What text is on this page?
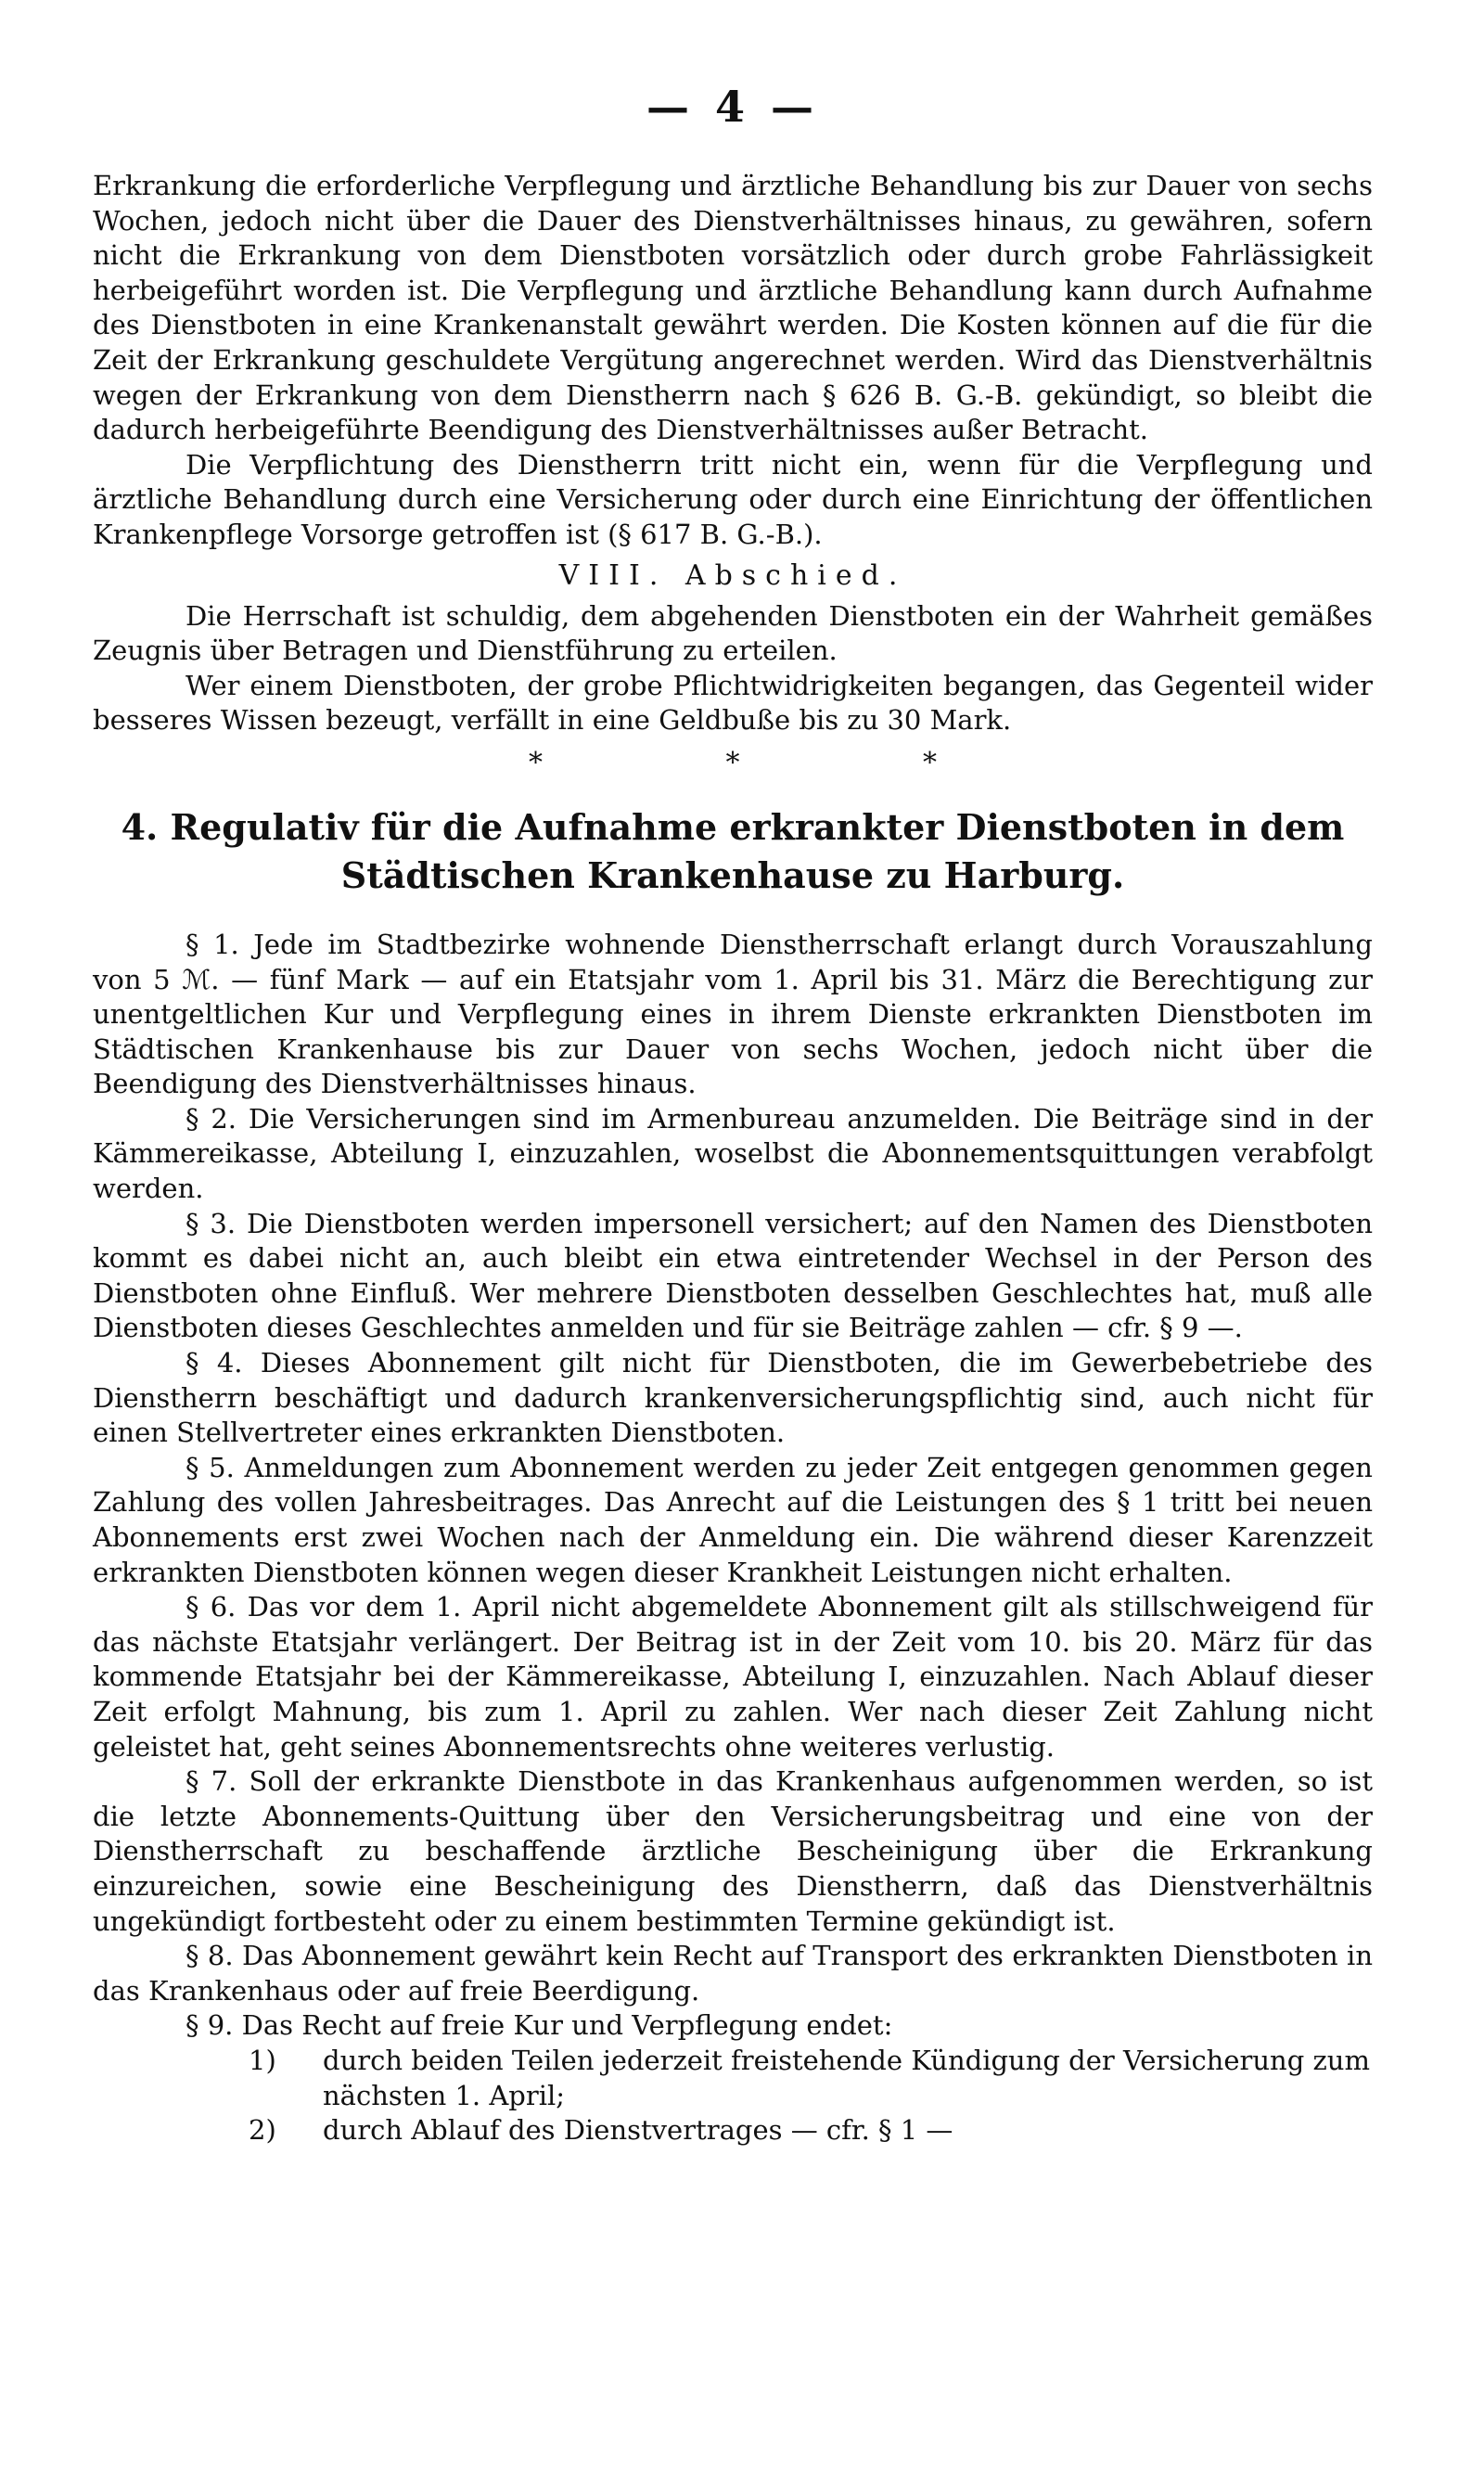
— 4 —

Erkrankung die erforderliche Verpflegung und ärztliche Behandlung bis zur Dauer von sechs Wochen, jedoch nicht über die Dauer des Dienstverhältnisses hinaus, zu gewähren, sofern nicht die Erkrankung von dem Dienstboten vorsätzlich oder durch grobe Fahrlässigkeit herbeigeführt worden ist. Die Verpflegung und ärztliche Behandlung kann durch Aufnahme des Dienstboten in eine Krankenanstalt gewährt werden. Die Kosten können auf die für die Zeit der Erkrankung geschuldete Vergütung angerechnet werden. Wird das Dienstverhältnis wegen der Erkrankung von dem Dienstherrn nach § 626 B. G.-B. gekündigt, so bleibt die dadurch herbeigeführte Beendigung des Dienstverhältnisses außer Betracht.

Die Verpflichtung des Dienstherrn tritt nicht ein, wenn für die Verpflegung und ärztliche Behandlung durch eine Versicherung oder durch eine Einrichtung der öffentlichen Krankenpflege Vorsorge getroffen ist (§ 617 B. G.-B.).

VIII. Abschied.

Die Herrschaft ist schuldig, dem abgehenden Dienstboten ein der Wahrheit gemäßes Zeugnis über Betragen und Dienstführung zu erteilen.

Wer einem Dienstboten, der grobe Pflichtwidrigkeiten begangen, das Gegenteil wider besseres Wissen bezeugt, verfällt in eine Geldbuße bis zu 30 Mark.

*	*	*
4. Regulativ für die Aufnahme erkrankter Dienstboten in dem
Städtischen Krankenhause zu Harburg.

§ 1. Jede im Stadtbezirke wohnende Dienstherrschaft erlangt durch Vorauszahlung von 5 ℳ. — fünf Mark — auf ein Etatsjahr vom 1. April bis 31. März die Berechtigung zur unentgeltlichen Kur und Verpflegung eines in ihrem Dienste erkrankten Dienstboten im Städtischen Krankenhause bis zur Dauer von sechs Wochen, jedoch nicht über die Beendigung des Dienstverhältnisses hinaus.

§ 2. Die Versicherungen sind im Armenbureau anzumelden. Die Beiträge sind in der Kämmereikasse, Abteilung I, einzuzahlen, woselbst die Abonnementsquittungen verabfolgt werden.

§ 3. Die Dienstboten werden impersonell versichert; auf den Namen des Dienstboten kommt es dabei nicht an, auch bleibt ein etwa eintretender Wechsel in der Person des Dienstboten ohne Einfluß. Wer mehrere Dienstboten desselben Geschlechtes hat, muß alle Dienstboten dieses Geschlechtes anmelden und für sie Beiträge zahlen — cfr. § 9 —.

§ 4. Dieses Abonnement gilt nicht für Dienstboten, die im Gewerbebetriebe des Dienstherrn beschäftigt und dadurch krankenversicherungspflichtig sind, auch nicht für einen Stellvertreter eines erkrankten Dienstboten.

§ 5. Anmeldungen zum Abonnement werden zu jeder Zeit entgegen genommen gegen Zahlung des vollen Jahresbeitrages. Das Anrecht auf die Leistungen des § 1 tritt bei neuen Abonnements erst zwei Wochen nach der Anmeldung ein. Die während dieser Karenzzeit erkrankten Dienstboten können wegen dieser Krankheit Leistungen nicht erhalten.

§ 6. Das vor dem 1. April nicht abgemeldete Abonnement gilt als stillschweigend für das nächste Etatsjahr verlängert. Der Beitrag ist in der Zeit vom 10. bis 20. März für das kommende Etatsjahr bei der Kämmereikasse, Abteilung I, einzuzahlen. Nach Ablauf dieser Zeit erfolgt Mahnung, bis zum 1. April zu zahlen. Wer nach dieser Zeit Zahlung nicht geleistet hat, geht seines Abonnementsrechts ohne weiteres verlustig.

§ 7. Soll der erkrankte Dienstbote in das Krankenhaus aufgenommen werden, so ist die letzte Abonnements-Quittung über den Versicherungsbeitrag und eine von der Dienstherrschaft zu beschaffende ärztliche Bescheinigung über die Erkrankung einzureichen, sowie eine Bescheinigung des Dienstherrn, daß das Dienstverhältnis ungekündigt fortbesteht oder zu einem bestimmten Termine gekündigt ist.

§ 8. Das Abonnement gewährt kein Recht auf Transport des erkrankten Dienstboten in das Krankenhaus oder auf freie Beerdigung.

§ 9. Das Recht auf freie Kur und Verpflegung endet:

1) durch beiden Teilen jederzeit freistehende Kündigung der Versicherung zum nächsten 1. April;

2) durch Ablauf des Dienstvertrages — cfr. § 1 —
